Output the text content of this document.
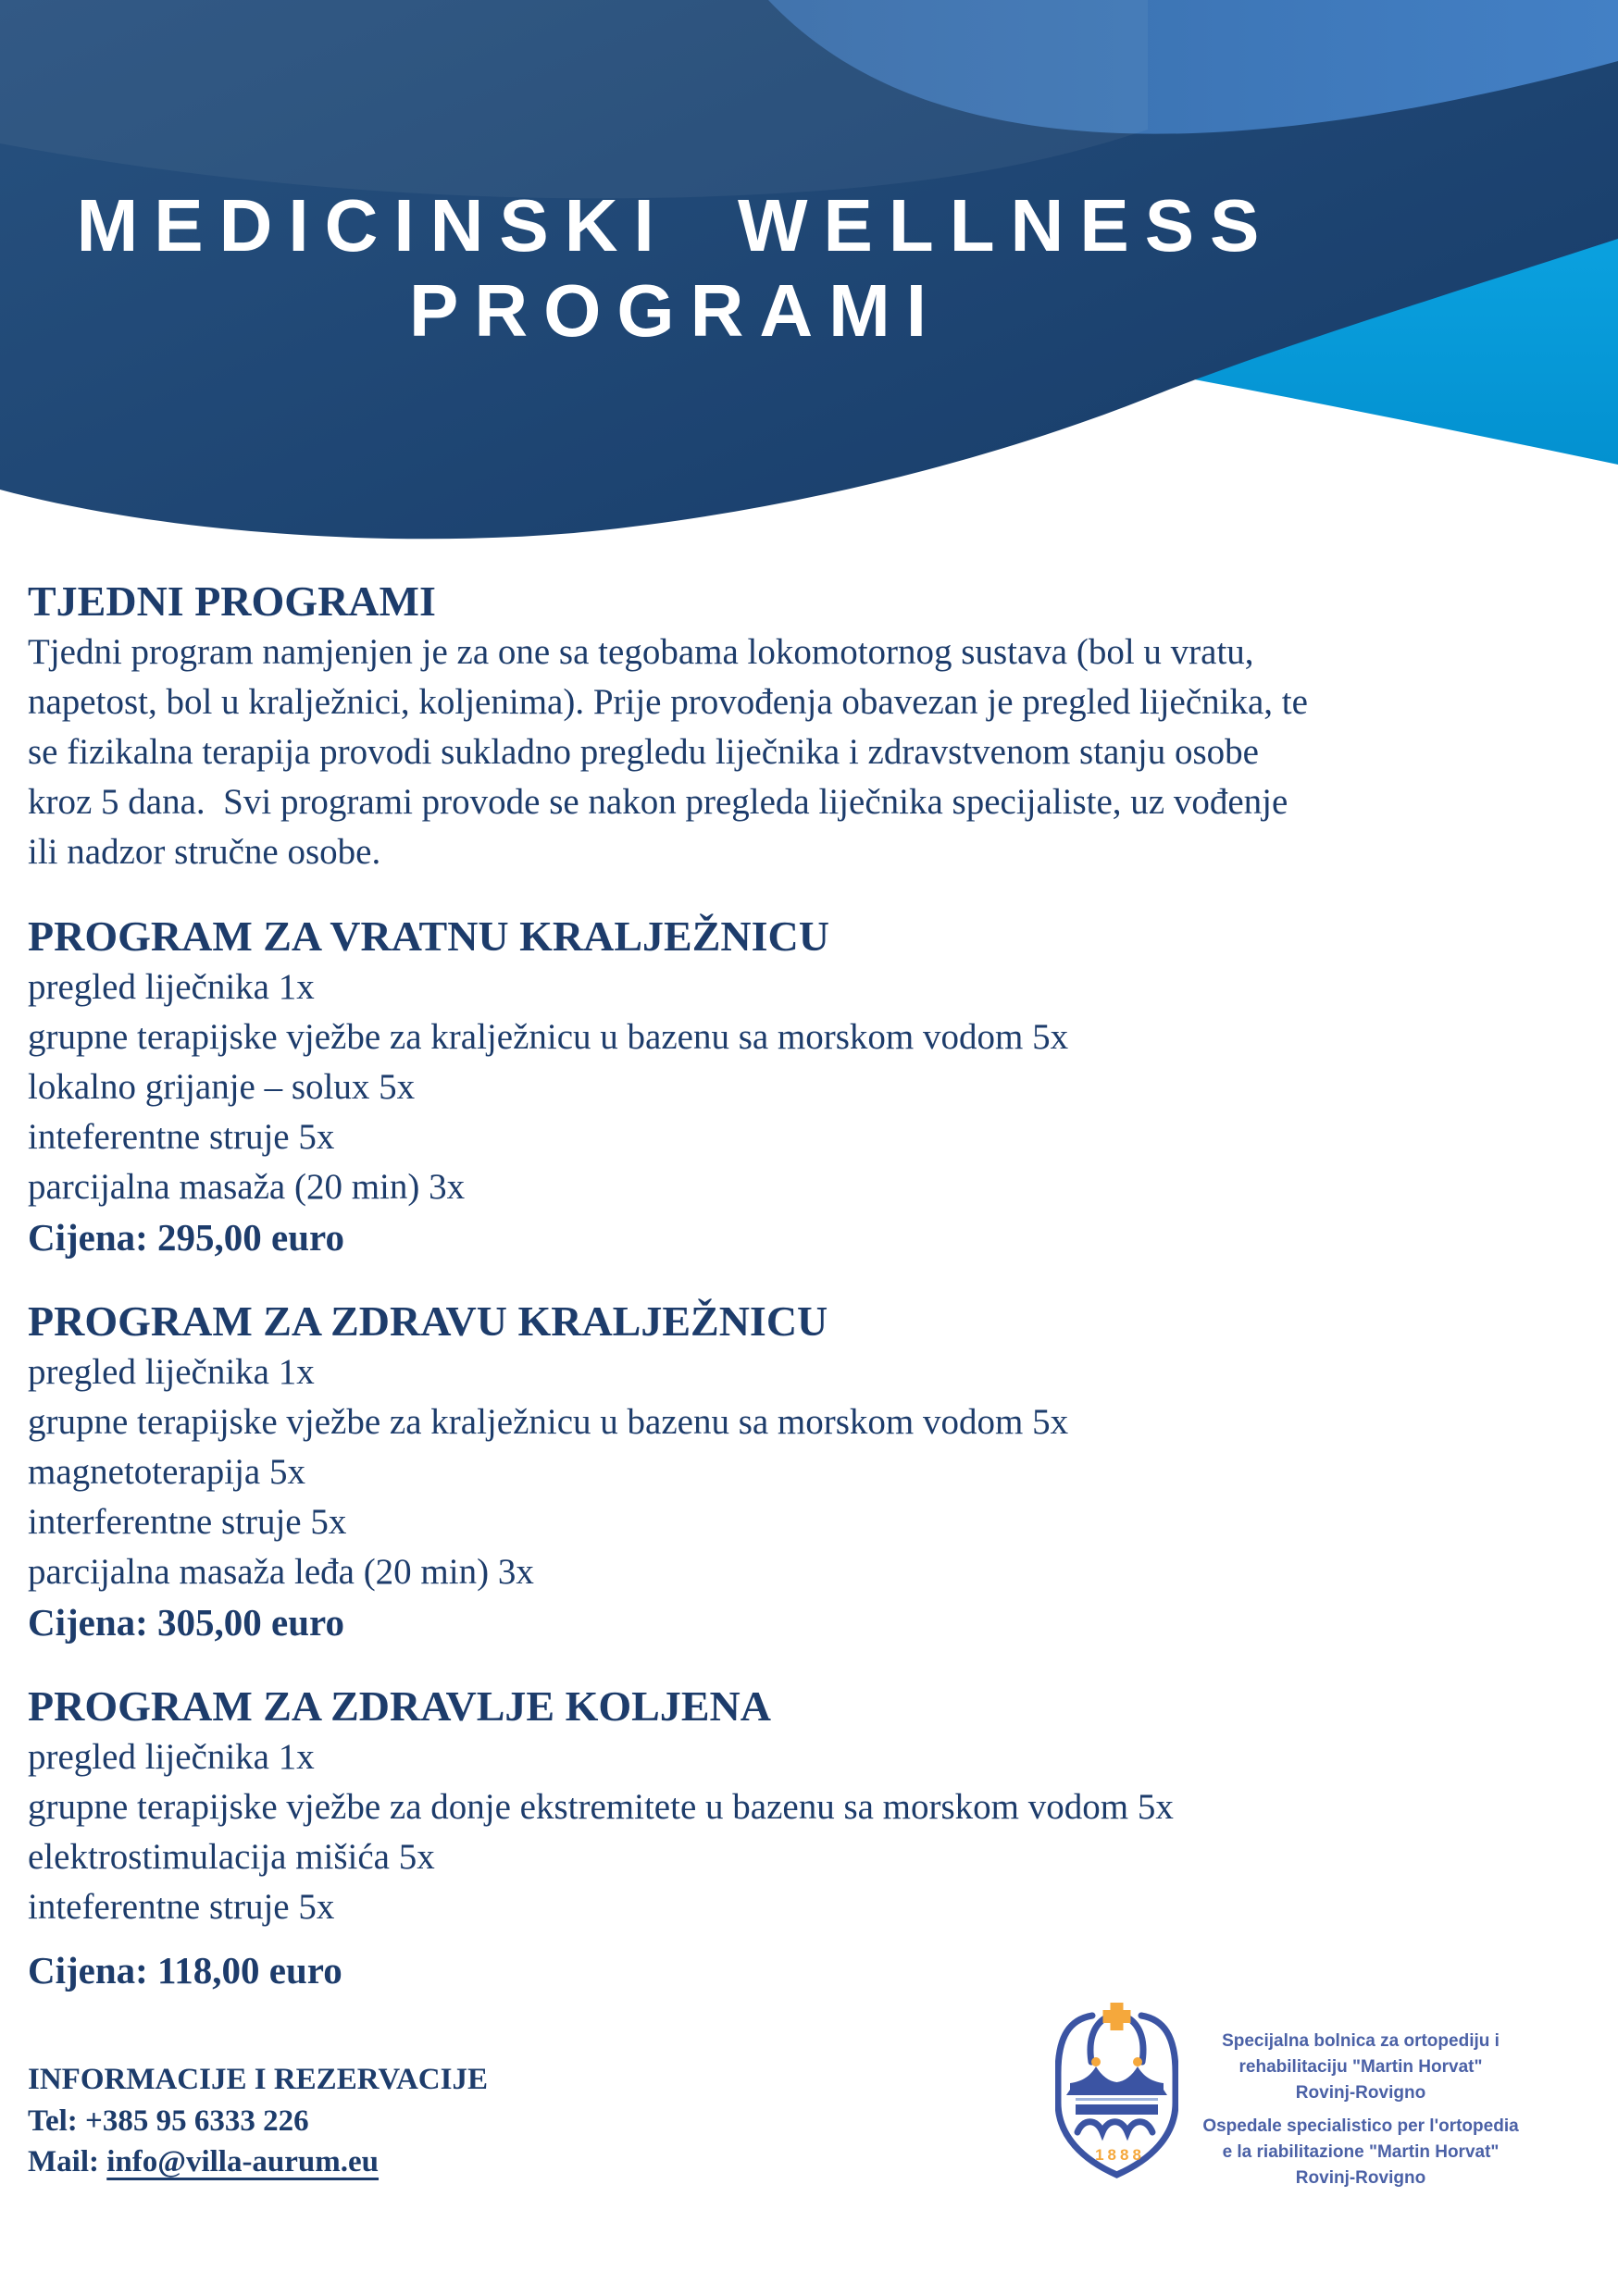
MEDICINSKI WELLNESS
PROGRAMI
TJEDNI PROGRAMI
Tjedni program namjenjen je za one sa tegobama lokomotornog sustava (bol u vratu,
napetost, bol u kralježnici, koljenima). Prije provođenja obavezan je pregled liječnika, te
se fizikalna terapija provodi sukladno pregledu liječnika i zdravstvenom stanju osobe
kroz 5 dana.  Svi programi provode se nakon pregleda liječnika specijaliste, uz vođenje
ili nadzor stručne osobe.
PROGRAM ZA VRATNU KRALJEŽNICU
pregled liječnika 1x
grupne terapijske vježbe za kralježnicu u bazenu sa morskom vodom 5x
lokalno grijanje – solux 5x
inteferentne struje 5x
parcijalna masaža (20 min) 3x
Cijena: 295,00 euro
PROGRAM ZA ZDRAVU KRALJEŽNICU
pregled liječnika 1x
grupne terapijske vježbe za kralježnicu u bazenu sa morskom vodom 5x
magnetoterapija 5x
interferentne struje 5x
parcijalna masaža leđa (20 min) 3x
Cijena: 305,00 euro
PROGRAM ZA ZDRAVLJE KOLJENA
pregled liječnika 1x
grupne terapijske vježbe za donje ekstremitete u bazenu sa morskom vodom 5x
elektrostimulacija mišića 5x
inteferentne struje 5x
Cijena: 118,00 euro
INFORMACIJE I REZERVACIJE
Tel: +385 95 6333 226
Mail: info@villa-aurum.eu	1888
Specijalna bolnica za ortopediju i
rehabilitaciju "Martin Horvat"
Rovinj-Rovigno
Ospedale specialistico per l'ortopedia
e la riabilitazione "Martin Horvat"
Rovinj-Rovigno
